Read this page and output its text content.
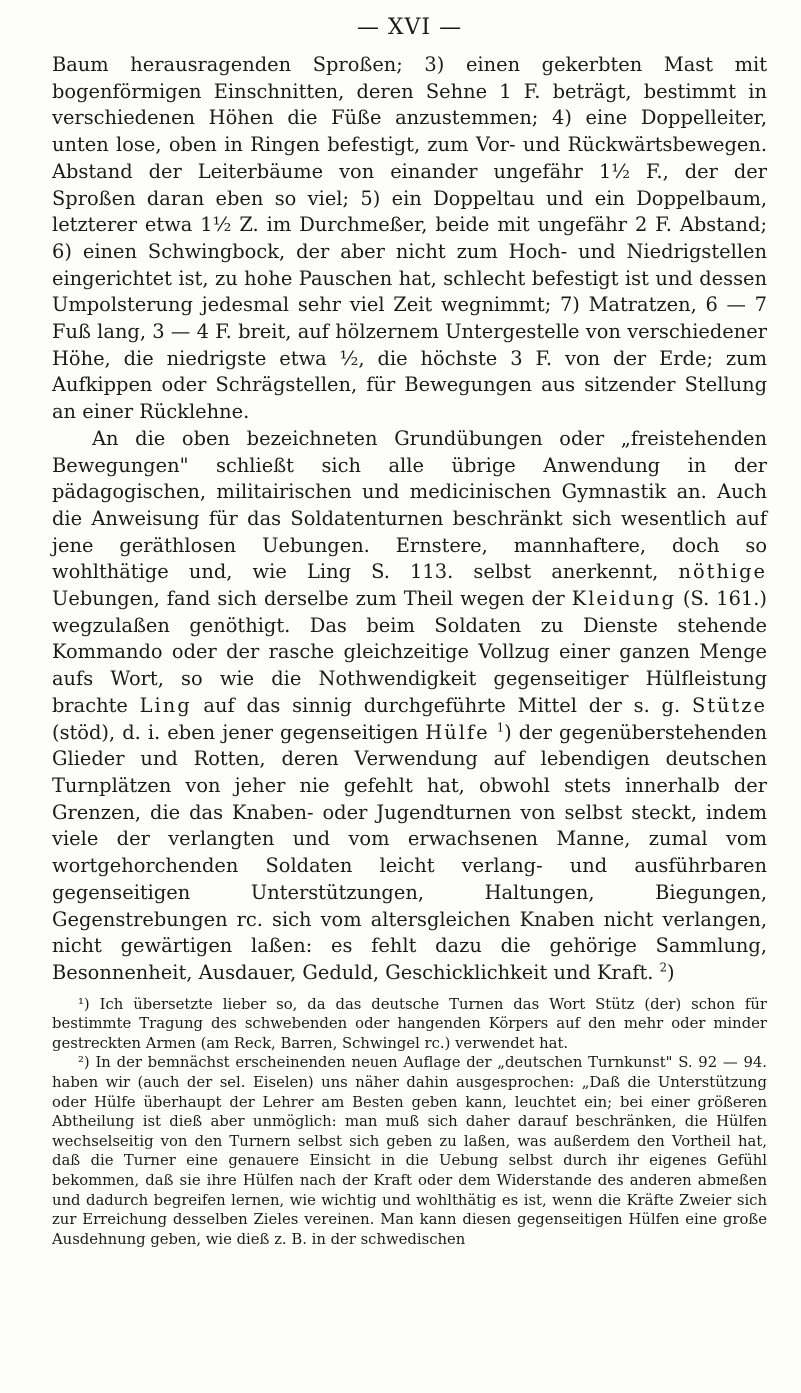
— XVI —

Baum herausragenden Sproßen; 3) einen gekerbten Mast mit bogenförmigen Einschnitten, deren Sehne 1 F. beträgt, bestimmt in verschiedenen Höhen die Füße anzustemmen; 4) eine Doppelleiter, unten lose, oben in Ringen befestigt, zum Vor- und Rückwärtsbewegen. Abstand der Leiterbäume von einander ungefähr 1½ F., der der Sproßen daran eben so viel; 5) ein Doppeltau und ein Doppelbaum, letzterer etwa 1½ Z. im Durchmeßer, beide mit ungefähr 2 F. Abstand; 6) einen Schwingbock, der aber nicht zum Hoch- und Niedrigstellen eingerichtet ist, zu hohe Pauschen hat, schlecht befestigt ist und dessen Umpolsterung jedesmal sehr viel Zeit wegnimmt; 7) Matratzen, 6 — 7 Fuß lang, 3 — 4 F. breit, auf hölzernem Untergestelle von verschiedener Höhe, die niedrigste etwa ½, die höchste 3 F. von der Erde; zum Aufkippen oder Schrägstellen, für Bewegungen aus sitzender Stellung an einer Rücklehne.

An die oben bezeichneten Grundübungen oder „freistehenden Bewegungen" schließt sich alle übrige Anwendung in der pädagogischen, militairischen und medicinischen Gymnastik an. Auch die Anweisung für das Soldatenturnen beschränkt sich wesentlich auf jene geräthlosen Uebungen. Ernstere, mannhaftere, doch so wohlthätige und, wie Ling S. 113. selbst anerkennt, nöthige Uebungen, fand sich derselbe zum Theil wegen der Kleidung (S. 161.) wegzulaßen genöthigt. Das beim Soldaten zu Dienste stehende Kommando oder der rasche gleichzeitige Vollzug einer ganzen Menge aufs Wort, so wie die Nothwendigkeit gegenseitiger Hülfleistung brachte Ling auf das sinnig durchgeführte Mittel der s. g. Stütze (stöd), d. i. eben jener gegenseitigen Hülfe $^1$) der gegenüberstehenden Glieder und Rotten, deren Verwendung auf lebendigen deutschen Turnplätzen von jeher nie gefehlt hat, obwohl stets innerhalb der Grenzen, die das Knaben- oder Jugendturnen von selbst steckt, indem viele der verlangten und vom erwachsenen Manne, zumal vom wortgehorchenden Soldaten leicht verlang- und ausführbaren gegenseitigen Unterstützungen, Haltungen, Biegungen, Gegenstrebungen rc. sich vom altersgleichen Knaben nicht verlangen, nicht gewärtigen laßen: es fehlt dazu die gehörige Sammlung, Besonnenheit, Ausdauer, Geduld, Geschicklichkeit und Kraft. $^2$)

¹) Ich übersetzte lieber so, da das deutsche Turnen das Wort Stütz (der) schon für bestimmte Tragung des schwebenden oder hangenden Körpers auf den mehr oder minder gestreckten Armen (am Reck, Barren, Schwingel rc.) verwendet hat.

²) In der bemnächst erscheinenden neuen Auflage der „deutschen Turnkunst" S. 92 — 94. haben wir (auch der sel. Eiselen) uns näher dahin ausgesprochen: „Daß die Unterstützung oder Hülfe überhaupt der Lehrer am Besten geben kann, leuchtet ein; bei einer größeren Abtheilung ist dieß aber unmöglich: man muß sich daher darauf beschränken, die Hülfen wechselseitig von den Turnern selbst sich geben zu laßen, was außerdem den Vortheil hat, daß die Turner eine genauere Einsicht in die Uebung selbst durch ihr eigenes Gefühl bekommen, daß sie ihre Hülfen nach der Kraft oder dem Widerstande des anderen abmeßen und dadurch begreifen lernen, wie wichtig und wohlthätig es ist, wenn die Kräfte Zweier sich zur Erreichung desselben Zieles vereinen. Man kann diesen gegenseitigen Hülfen eine große Ausdehnung geben, wie dieß z. B. in der schwedischen
